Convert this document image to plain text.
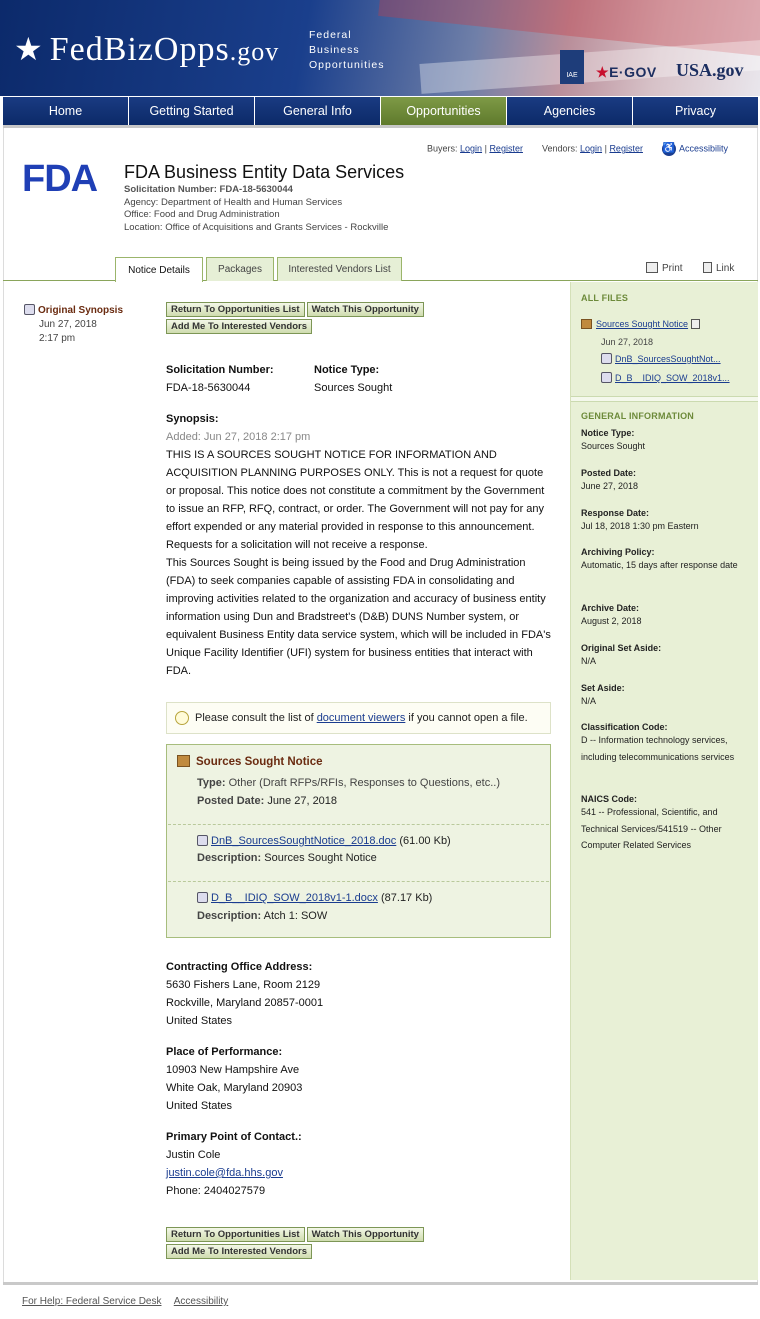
★ FedBizOpps.gov
Federal
Business
Opportunities
IAE	★E·GOV USA.gov
Home	Getting Started	General Info	Opportunities	Agencies	Privacy
Buyers: Login | Register Vendors: Login | Register ♿ Accessibility
FDA FDA Business Entity Data Services
Solicitation Number: FDA-18-5630044
Agency: Department of Health and Human Services
Office: Food and Drug Administration
Location: Office of Acquisitions and Grants Services - Rockville
Notice Details	Packages	Interested Vendors List	Print	Link
Original Synopsis
Jun 27, 2018
2:17 pm
Return To Opportunities List Watch This Opportunity
Add Me To Interested Vendors
Solicitation Number:
FDA-18-5630044
Notice Type:
Sources Sought
Synopsis:
Added: Jun 27, 2018 2:17 pm
THIS IS A SOURCES SOUGHT NOTICE FOR INFORMATION AND ACQUISITION PLANNING PURPOSES ONLY. This is not a request for quote or proposal. This notice does not constitute a commitment by the Government to issue an RFP, RFQ, contract, or order. The Government will not pay for any effort expended or any material provided in response to this announcement. Requests for a solicitation will not receive a response.
This Sources Sought is being issued by the Food and Drug Administration (FDA) to seek companies capable of assisting FDA in consolidating and improving activities related to the organization and accuracy of business entity information using Dun and Bradstreet's (D&B) DUNS Number system, or equivalent Business Entity data service system, which will be included in FDA's Unique Facility Identifier (UFI) system for business entities that interact with FDA.
Please consult the list of
document viewers
if you cannot open a file.
Sources Sought Notice
Type: Other (Draft RFPs/RFIs, Responses to Questions, etc..)
Posted Date: June 27, 2018
DnB_SourcesSoughtNotice_2018.doc (61.00 Kb)
Description: Sources Sought Notice
D_B__IDIQ_SOW_2018v1-1.docx (87.17 Kb)
Description: Atch 1: SOW
Contracting Office Address:
5630 Fishers Lane, Room 2129
Rockville, Maryland 20857-0001
United States
Place of Performance:
10903 New Hampshire Ave
White Oak, Maryland 20903
United States
Primary Point of Contact.:
Justin Cole
justin.cole@fda.hhs.gov
Phone: 2404027579
Return To Opportunities List Watch This Opportunity
Add Me To Interested Vendors
ALL FILES
Sources Sought Notice
Jun 27, 2018
DnB_SourcesSoughtNot...
D_B__IDIQ_SOW_2018v1...
GENERAL INFORMATION
Notice Type:
Sources Sought
Posted Date:
June 27, 2018
Response Date:
Jul 18, 2018 1:30 pm Eastern
Archiving Policy:
Automatic, 15 days after response date
Archive Date:
August 2, 2018
Original Set Aside:
N/A
Set Aside:
N/A
Classification Code:
D -- Information technology services, including telecommunications services
NAICS Code:
541 -- Professional, Scientific, and Technical Services/541519 -- Other Computer Related Services
For Help: Federal Service Desk Accessibility
